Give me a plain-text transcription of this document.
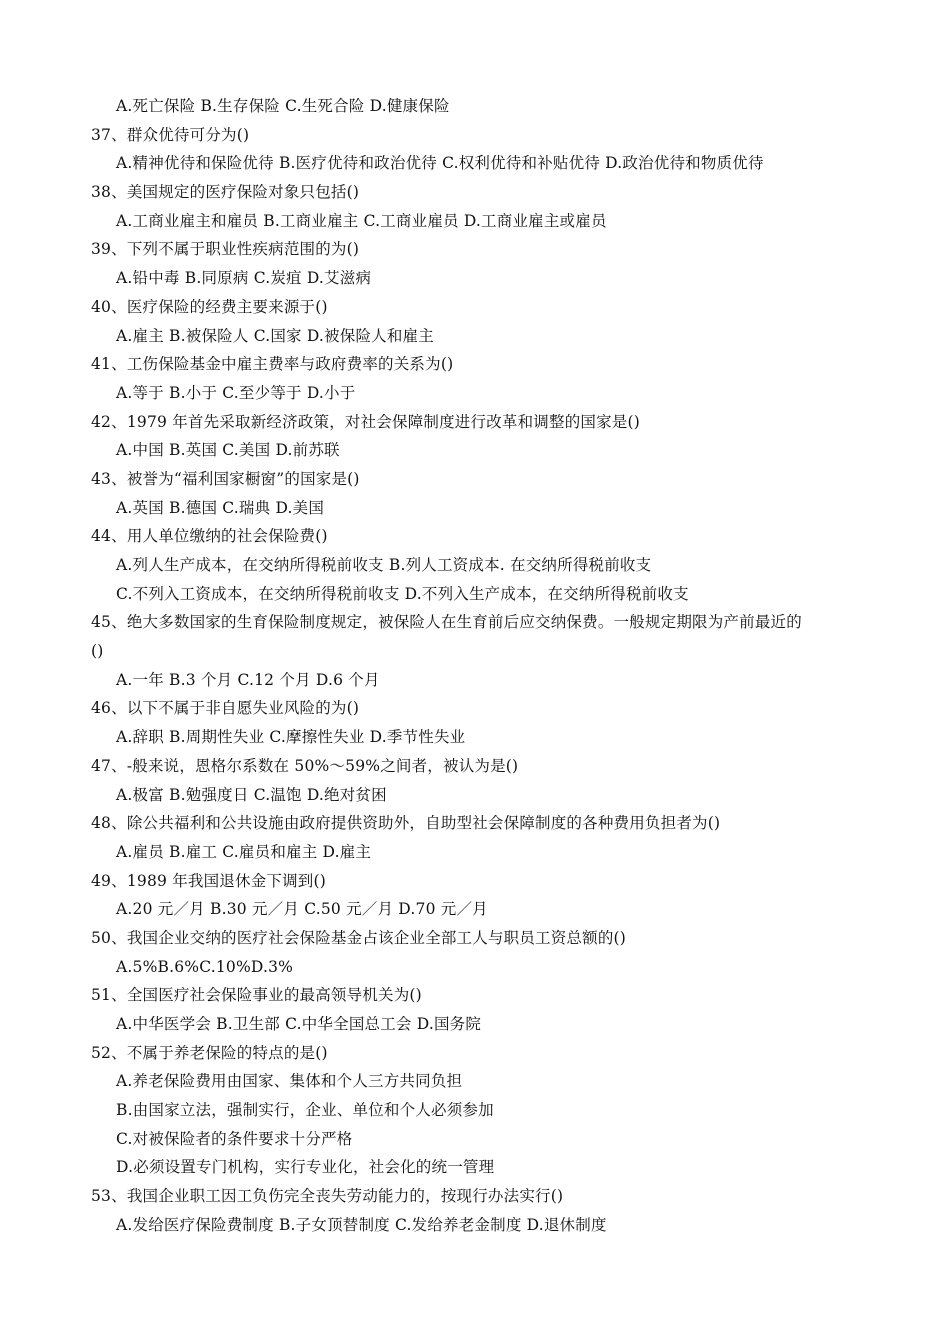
A.死亡保险 B.生存保险 C.生死合险 D.健康保险
37、群众优待可分为()
A.精神优待和保险优待 B.医疗优待和政治优待 C.权利优待和补贴优待 D.政治优待和物质优待
38、美国规定的医疗保险对象只包括()
A.工商业雇主和雇员 B.工商业雇主 C.工商业雇员 D.工商业雇主或雇员
39、下列不属于职业性疾病范围的为()
A.铅中毒 B.同原病 C.炭疽 D.艾滋病
40、医疗保险的经费主要来源于()
A.雇主 B.被保险人 C.国家 D.被保险人和雇主
41、工伤保险基金中雇主费率与政府费率的关系为()
A.等于 B.小于 C.至少等于 D.小于
42、1979 年首先采取新经济政策，对社会保障制度进行改革和调整的国家是()
A.中国 B.英国 C.美国 D.前苏联
43、被誉为“福利国家橱窗”的国家是()
A.英国 B.德国 C.瑞典 D.美国
44、用人单位缴纳的社会保险费()
A.列人生产成本，在交纳所得税前收支 B.列人工资成本. 在交纳所得税前收支
C.不列入工资成本，在交纳所得税前收支 D.不列入生产成本，在交纳所得税前收支
45、绝大多数国家的生育保险制度规定，被保险人在生育前后应交纳保费。一般规定期限为产前最近的
()
A.一年 B.3 个月 C.12 个月 D.6 个月
46、以下不属于非自愿失业风险的为()
A.辞职 B.周期性失业 C.摩擦性失业 D.季节性失业
47、-般来说，恩格尔系数在 50%～59%之间者，被认为是()
A.极富 B.勉强度日 C.温饱 D.绝对贫困
48、除公共福利和公共设施由政府提供资助外，自助型社会保障制度的各种费用负担者为()
A.雇员 B.雇工 C.雇员和雇主 D.雇主
49、1989 年我国退休金下调到()
A.20 元／月 B.30 元／月 C.50 元／月 D.70 元／月
50、我国企业交纳的医疗社会保险基金占该企业全部工人与职员工资总额的()
A.5%B.6%C.10%D.3%
51、全国医疗社会保险事业的最高领导机关为()
A.中华医学会 B.卫生部 C.中华全国总工会 D.国务院
52、不属于养老保险的特点的是()
A.养老保险费用由国家、集体和个人三方共同负担
B.由国家立法，强制实行，企业、单位和个人必须参加
C.对被保险者的条件要求十分严格
D.必须设置专门机构，实行专业化，社会化的统一管理
53、我国企业职工因工负伤完全丧失劳动能力的，按现行办法实行()
A.发给医疗保险费制度 B.子女顶替制度 C.发给养老金制度 D.退休制度
